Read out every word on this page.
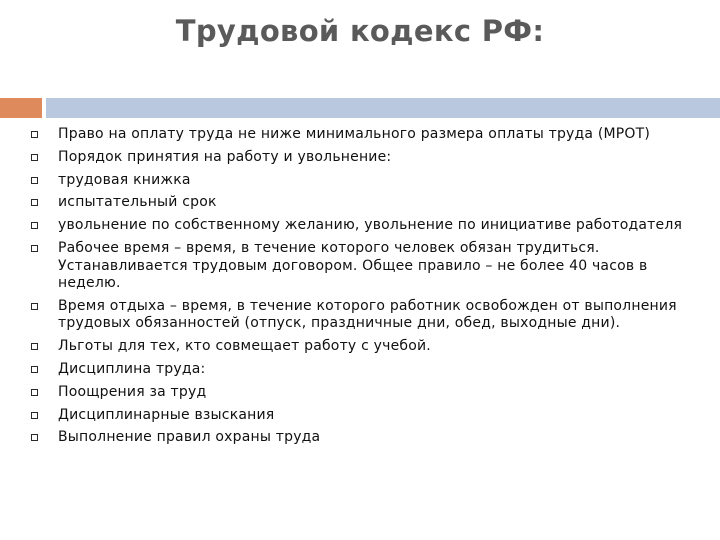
Трудовой кодекс РФ:
Право на оплату труда не ниже минимального размера оплаты труда (МРОТ)
Порядок принятия на работу и увольнение:
трудовая книжка
испытательный срок
увольнение по собственному желанию, увольнение по инициативе работодателя
Рабочее время – время, в течение которого человек обязан трудиться. Устанавливается трудовым договором. Общее правило – не более 40 часов в неделю.
Время отдыха – время, в течение которого работник освобожден от выполнения трудовых обязанностей (отпуск, праздничные дни, обед, выходные дни).
Льготы для тех, кто совмещает работу с учебой.
Дисциплина труда:
Поощрения за труд
Дисциплинарные взыскания
Выполнение правил охраны труда
